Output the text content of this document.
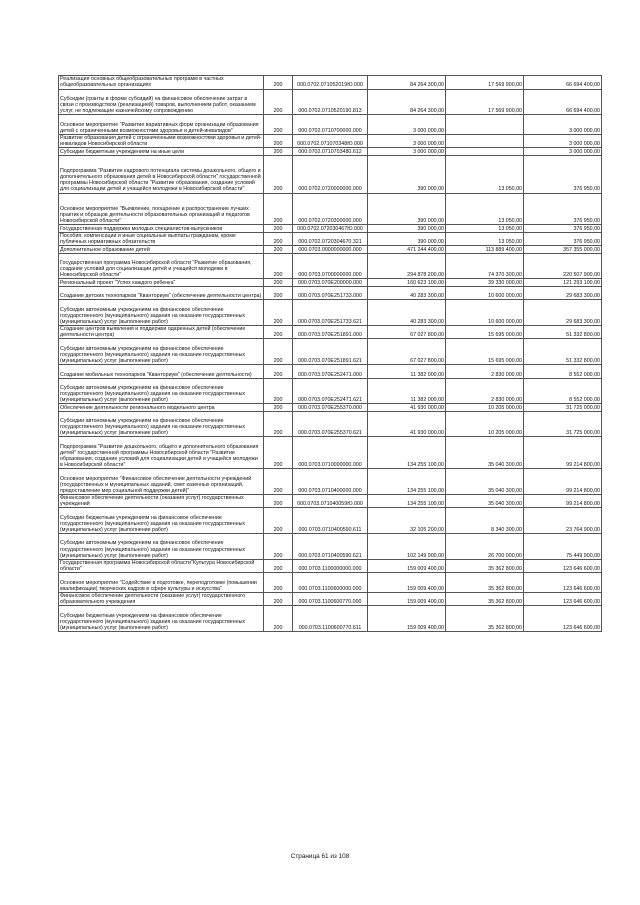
Реализация основных общеобразовательных программ в частных общеобразовательных организациях	200	000.0702.071052019Ю.000	84 264 300,00	17 569 900,00	66 694 400,00
Субсидии (гранты в форме субсидий) на финансовое обеспечение затрат в связи с производством (реализацией) товаров, выполнением работ, оказанием услуг, не подлежащие казначейскому сопровождению	200	000.0702.0710520190.813	84 264 300,00	17 569 900,00	66 694 400,00
Основное мероприятие "Развитие вариативных форм организации образования детей с ограниченными возможностями здоровья и детей-инвалидов"	200	000.0702.0710700000.000	3 000 000,00		3 000 000,00
Развитие образования детей с ограниченными возможностями здоровья и детей-инвалидов Новосибирской области	200	000.0702.071070348Ю.000	3 000 000,00		3 000 000,00
Субсидии бюджетным учреждениям на иные цели	200	000.0702.0710703480.612	3 000 000,00		3 000 000,00
Подпрограмма "Развитие кадрового потенциала системы дошкольного, общего и дополнительного образования детей в Новосибирской области" государственной программы Новосибирской области "Развитие образования, создание условий для социализации детей и учащейся молодежи в Новосибирской области"	200	000.0702.0720000000.000	390 000,00	13 050,00	376 950,00
Основное мероприятие "Выявление, поощрение и распространение лучших практик и образцов деятельности образовательных организаций и педагогов Новосибирской области"	200	000.0702.0720300000.000	390 000,00	13 050,00	376 950,00
Государственная поддержка молодых специалистов-выпускников	200	000.0702.072030467Ю.000	390 000,00	13 050,00	376 950,00
Пособия, компенсации и иные социальные выплаты гражданам, кроме публичных нормативных обязательств	200	000.0702.0720304670.321	390 000,00	13 050,00	376 950,00
Дополнительное образование детей	200	000.0703.0000000000.000	471 244 400,00	113 889 400,00	357 355 000,00
Государственная программа Новосибирской области "Развитие образования, создание условий для социализации детей и учащейся молодежи в Новосибирской области"	200	000.0703.0700000000.000	294 878 200,00	74 370 300,00	220 507 900,00
Региональный проект "Успех каждого ребенка"	200	000.0703.070E200000.000	160 623 100,00	39 330 000,00	121 293 100,00
Создание детских технопарков "Кванториум" (обеспечение деятельности центра)	200	000.0703.070E251733.000	40 283 300,00	10 600 000,00	29 683 300,00
Субсидии автономным учреждениям на финансовое обеспечение государственного (муниципального) задания на оказание государственных (муниципальных) услуг (выполнение работ)	200	000.0703.070E251733.621	40 283 300,00	10 600 000,00	29 683 300,00
Создание центров выявления и поддержки одаренных детей (обеспечение деятельности центра)	200	000.0703.070E251891.000	67 027 800,00	15 695 000,00	51 332 800,00
Субсидии автономным учреждениям на финансовое обеспечение государственного (муниципального) задания на оказание государственных (муниципальных) услуг (выполнение работ)	200	000.0703.070E251891.621	67 027 800,00	15 695 000,00	51 332 800,00
Создание мобильных технопарков "Кванториум" (обеспечение деятельности)	200	000.0703.070E252471.000	11 382 000,00	2 830 000,00	8 552 000,00
Субсидии автономным учреждениям на финансовое обеспечение государственного (муниципального) задания на оказание государственных (муниципальных) услуг (выполнение работ)	200	000.0703.070E252471.621	11 382 000,00	2 830 000,00	8 552 000,00
Обеспечение деятельности регионального модельного центра	200	000.0703.070E255370.000	41 930 000,00	10 205 000,00	31 725 000,00
Субсидии автономным учреждениям на финансовое обеспечение государственного (муниципального) задания на оказание государственных (муниципальных) услуг (выполнение работ)	200	000.0703.070E255370.621	41 930 000,00	10 205 000,00	31 725 000,00
Подпрограмма "Развитие дошкольного, общего и дополнительного образования детей" государственной программы Новосибирской области "Развитие образования, создание условий для социализации детей и учащейся молодежи в Новосибирской области"	200	000.0703.0710000000.000	134 255 100,00	35 040 300,00	99 214 800,00
Основное мероприятие "Финансовое обеспечение деятельности учреждений (государственных и муниципальных заданий, смет казенных организаций, предоставление мер социальной поддержки детей)"	200	000.0703.0710400000.000	134 255 100,00	35 040 300,00	99 214 800,00
Финансовое обеспечение деятельности (оказания услуг) государственных учреждений	200	000.0703.071040059Ю.000	134 255 100,00	35 040 300,00	99 214 800,00
Субсидии бюджетным учреждениям на финансовое обеспечение государственного (муниципального) задания на оказание государственных (муниципальных) услуг (выполнение работ)	200	000.0703.0710400590.611	32 105 200,00	8 340 300,00	23 764 900,00
Субсидии автономным учреждениям на финансовое обеспечение государственного (муниципального) задания на оказание государственных (муниципальных) услуг (выполнение работ)	200	000.0703.0710400590.621	102 149 900,00	26 700 000,00	75 449 900,00
Государственная программа Новосибирской области"Культура Новосибирской области"	200	000.0703.1100000000.000	159 009 400,00	35 362 800,00	123 646 600,00
Основное мероприятие "Содействие в подготовке, переподготовке (повышении квалификации) творческих кадров в сфере культуры и искусства"	200	000.0703.1100600000.000	159 009 400,00	35 362 800,00	123 646 600,00
Финансовое обеспечение деятельности (оказание услуг) государственного образовательного учреждения	200	000.0703.1100600770.000	159 009 400,00	35 362 800,00	123 646 600,00
Субсидии бюджетным учреждениям на финансовое обеспечение государственного (муниципального) задания на оказание государственных (муниципальных) услуг (выполнение работ)	200	000.0703.1100600770.611	159 009 400,00	35 362 800,00	123 646 600,00
Страница 61 из 108
